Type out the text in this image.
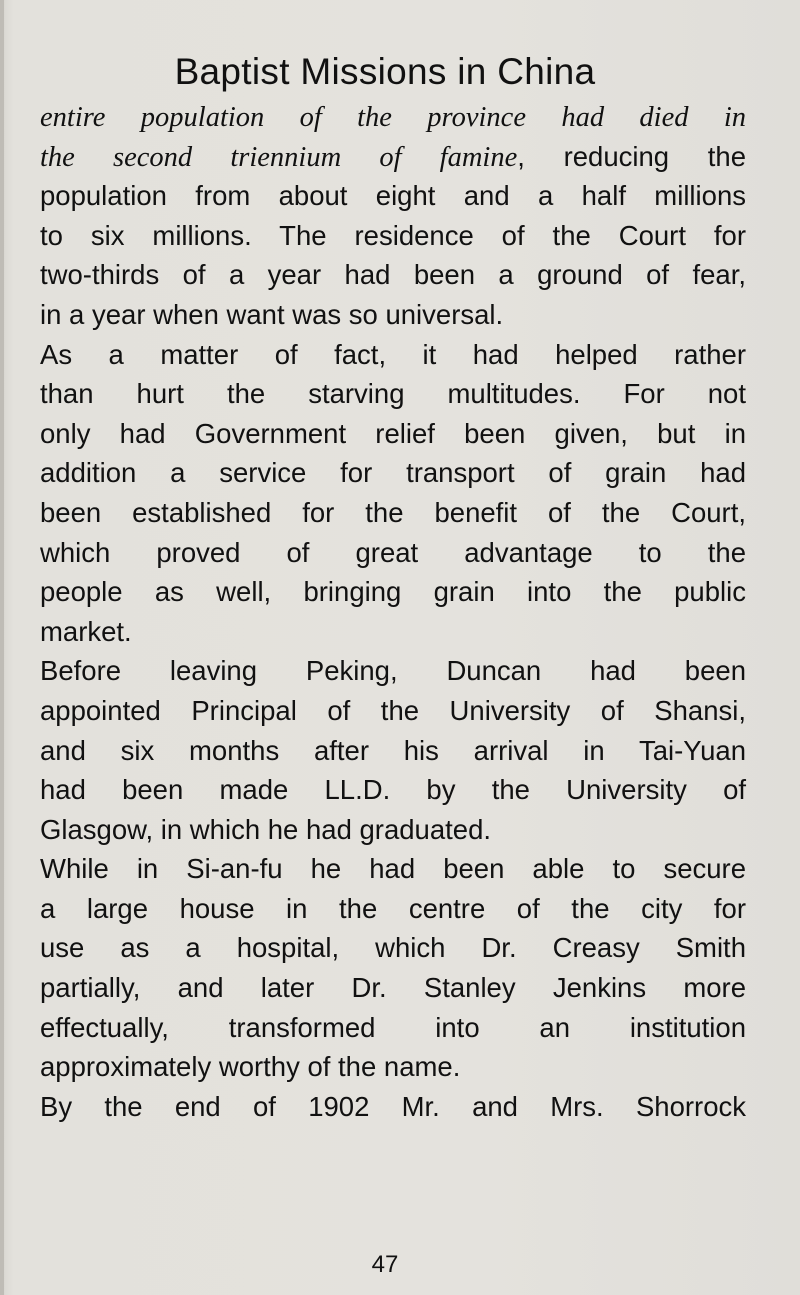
Baptist Missions in China
entire population of the province had died in
the second triennium of famine, reducing the
population from about eight and a half millions
to six millions. The residence of the Court for
two-thirds of a year had been a ground of fear,
in a year when want was so universal.
As a matter of fact, it had helped rather
than hurt the starving multitudes. For not
only had Government relief been given, but in
addition a service for transport of grain had
been established for the benefit of the Court,
which proved of great advantage to the
people as well, bringing grain into the public
market.
Before leaving Peking, Duncan had been
appointed Principal of the University of Shansi,
and six months after his arrival in Tai-Yuan
had been made LL.D. by the University of
Glasgow, in which he had graduated.
While in Si-an-fu he had been able to secure
a large house in the centre of the city for
use as a hospital, which Dr. Creasy Smith
partially, and later Dr. Stanley Jenkins more
effectually, transformed into an institution
approximately worthy of the name.
By the end of 1902 Mr. and Mrs. Shorrock
47
